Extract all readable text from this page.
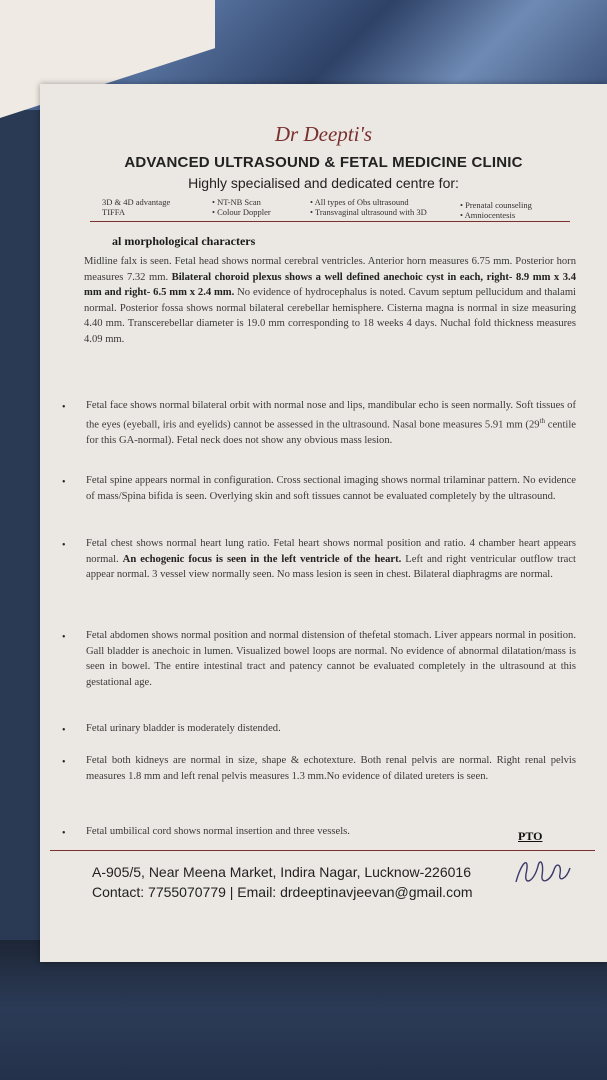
Dr Deepti's
ADVANCED ULTRASOUND & FETAL MEDICINE CLINIC
Highly specialised and dedicated centre for:
3D & 4D advantage
TIFFA
• NT-NB Scan
• Colour Doppler
• All types of Obs ultrasound
• Transvaginal ultrasound with 3D
• Prenatal counseling
• Amniocentesis
al morphological characters
Midline falx is seen. Fetal head shows normal cerebral ventricles. Anterior horn measures 6.75 mm. Posterior horn measures 7.32 mm. Bilateral choroid plexus shows a well defined anechoic cyst in each, right- 8.9 mm x 3.4 mm and right- 6.5 mm x 2.4 mm. No evidence of hydrocephalus is noted. Cavum septum pellucidum and thalami normal. Posterior fossa shows normal bilateral cerebellar hemisphere. Cisterna magna is normal in size measuring 4.40 mm. Transcerebellar diameter is 19.0 mm corresponding to 18 weeks 4 days. Nuchal fold thickness measures 4.09 mm.
• Fetal face shows normal bilateral orbit with normal nose and lips, mandibular echo is seen normally. Soft tissues of the eyes (eyeball, iris and eyelids) cannot be assessed in the ultrasound. Nasal bone measures 5.91 mm (29th centile for this GA-normal). Fetal neck does not show any obvious mass lesion.
• Fetal spine appears normal in configuration. Cross sectional imaging shows normal trilaminar pattern. No evidence of mass/Spina bifida is seen. Overlying skin and soft tissues cannot be evaluated completely by the ultrasound.
• Fetal chest shows normal heart lung ratio. Fetal heart shows normal position and ratio. 4 chamber heart appears normal. An echogenic focus is seen in the left ventricle of the heart. Left and right ventricular outflow tract appear normal. 3 vessel view normally seen. No mass lesion is seen in chest. Bilateral diaphragms are normal.
• Fetal abdomen shows normal position and normal distension of thefetal stomach. Liver appears normal in position. Gall bladder is anechoic in lumen. Visualized bowel loops are normal. No evidence of abnormal dilatation/mass is seen in bowel. The entire intestinal tract and patency cannot be evaluated completely in the ultrasound at this gestational age.
• Fetal urinary bladder is moderately distended.
• Fetal both kidneys are normal in size, shape & echotexture. Both renal pelvis are normal. Right renal pelvis measures 1.8 mm and left renal pelvis measures 1.3 mm.No evidence of dilated ureters is seen.
• Fetal umbilical cord shows normal insertion and three vessels.	PTO
A-905/5, Near Meena Market, Indira Nagar, Lucknow-226016
Contact: 7755070779 | Email: drdeeptinavjeevan@gmail.com
